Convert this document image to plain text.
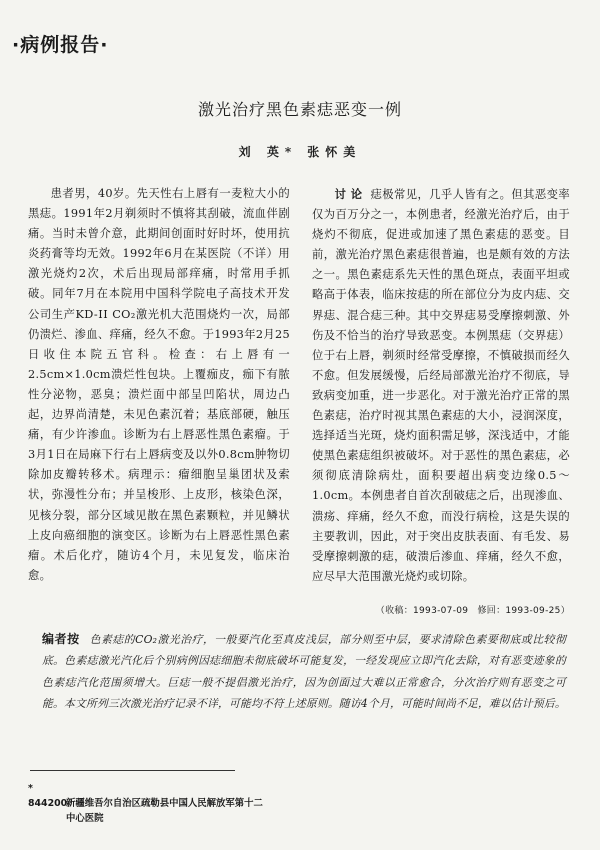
·病例报告·
激光治疗黑色素痣恶变一例
刘 英* 张怀美

患者男，40岁。先天性右上唇有一麦粒大小的黑痣。1991年2月剃须时不慎将其刮破，流血伴剧痛。当时未曾介意，此期间创面时好时坏，使用抗炎药膏等均无效。1992年6月在某医院（不详）用激光烧灼2次，术后出现局部痒痛，时常用手抓破。同年7月在本院用中国科学院电子高技术开发公司生产KD-ⅠI CO₂激光机大范围烧灼一次，局部仍溃烂、渗血、痒痛，经久不愈。于1993年2月25日收住本院五官科。检查：右上唇有一2.5cm×1.0cm溃烂性包块。上覆痂皮，痂下有脓性分泌物，恶臭；溃烂面中部呈凹陷状，周边凸起，边界尚清楚，未见色素沉着；基底部硬，触压痛，有少许渗血。诊断为右上唇恶性黑色素瘤。于3月1日在局麻下行右上唇病变及以外0.8cm肿物切除加皮瓣转移术。病理示：瘤细胞呈巢团状及索状，弥漫性分布；并呈梭形、上皮形，核染色深，见核分裂，部分区域见散在黑色素颗粒，并见鳞状上皮向癌细胞的演变区。诊断为右上唇恶性黑色素瘤。术后化疗，随访4个月，未见复发，临床治愈。

讨 论 痣极常见，几乎人皆有之。但其恶变率仅为百万分之一，本例患者，经激光治疗后，由于烧灼不彻底，促进或加速了黑色素痣的恶变。目前，激光治疗黑色素痣很普遍，也是颇有效的方法之一。黑色素痣系先天性的黑色斑点，表面平坦或略高于体表，临床按痣的所在部位分为皮内痣、交界痣、混合痣三种。其中交界痣易受摩擦刺激、外伤及不恰当的治疗导致恶变。本例黑痣（交界痣）位于右上唇，剃须时经常受摩擦，不慎破损而经久不愈。但发展缓慢，后经局部激光治疗不彻底，导致病变加重，进一步恶化。对于激光治疗正常的黑色素痣，治疗时视其黑色素痣的大小，浸润深度，选择适当光斑，烧灼面积需足够，深浅适中，才能使黑色素痣组织被破坏。对于恶性的黑色素痣，必须彻底清除病灶，面积要超出病变边缘0.5～1.0cm。本例患者自首次刮破痣之后，出现渗血、溃疡、痒痛，经久不愈，而没行病检，这是失误的主要教训，因此，对于突出皮肤表面、有毛发、易受摩擦刺激的痣，破溃后渗血、痒痛，经久不愈，应尽早大范围激光烧灼或切除。

（收稿：1993-07-09 修回：1993-09-25）
编者按 色素痣的CO₂激光治疗，一般要汽化至真皮浅层，部分则至中层，要求清除色素要彻底或比较彻底。色素痣激光汽化后个别病例因痣细胞未彻底破坏可能复发，一经发现应立即汽化去除，对有恶变迹象的色素痣汽化范围须增大。巨痣一般不提倡激光治疗，因为创面过大难以正常愈合，分次治疗则有恶变之可能。本文所列三次激光治疗记录不详，可能均不符上述原则。随访4个月，可能时间尚不足，难以估计预后。
* 844200新疆维吾尔自治区疏勒县中国人民解放军第十二
中心医院
